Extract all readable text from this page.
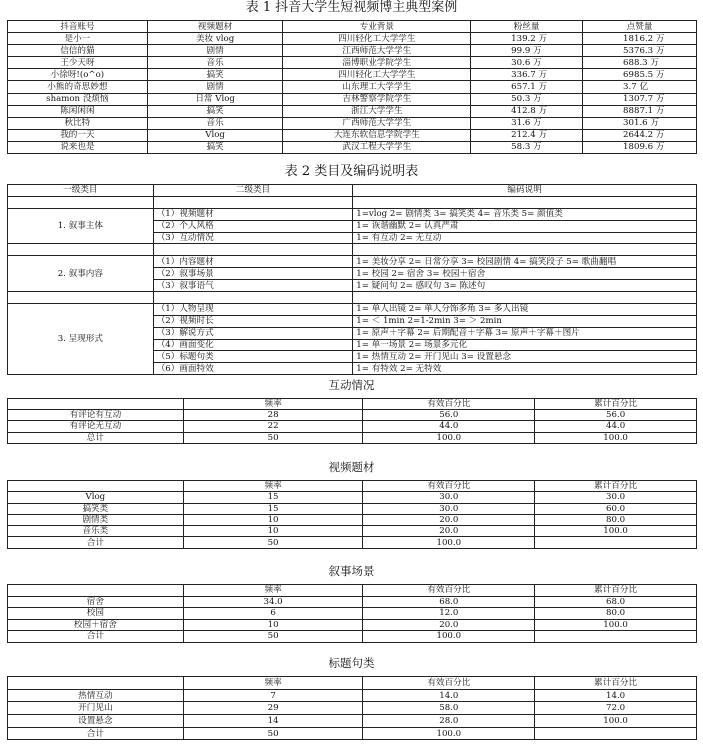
表 1 抖音大学生短视频博主典型案例
抖音账号	视频题材	专业背景	粉丝量	点赞量
是小一	美妆 vlog	四川轻化工大学学生	139.2 万	1816.2 万
信信的猫	剧情	江西师范大学学生	99.9 万	5376.3 万
王少天呀	音乐	淄博职业学院学生	30.6 万	688.3 万
小徐呀!(o^o)	搞笑	四川轻化工大学学生	336.7 万	6985.5 万
小熊的奇思妙想	剧情	山东理工大学学生	657.1 万	3.7 亿
shamon 没烦恼	日常 Vlog	吉林警察学院学生	50.3 万	1307.7 万
陈闲闲闲	搞笑	浙江大学学生	412.8 万	8887.1 万
秋比特	音乐	广西师范大学学生	31.6 万	301.6 万
我的一天	Vlog	大连东软信息学院学生	212.4 万	2644.2 万
说来也是	搞笑	武汉工程大学学生	58.3 万	1809.6 万
表 2 类目及编码说明表
一级类目	二级类目	编码说明

1. 叙事主体	（1）视频题材	1=vlog 2= 剧情类 3= 搞笑类 4= 音乐类 5= 颜值类
	（2）个人风格	1= 诙谐幽默 2= 认真严肃
	（3）互动情况	1= 有互动 2= 无互动

2. 叙事内容	（1）内容题材	1= 美妆分享 2= 日常分享 3= 校园剧情 4= 搞笑段子 5= 歌曲翻唱
	（2）叙事场景	1= 校园 2= 宿舍 3= 校园＋宿舍
	（3）叙事语气	1= 疑问句 2= 感叹句 3= 陈述句

3. 呈现形式	（1）人物呈现	1= 单人出镜 2= 单人分饰多角 3= 多人出镜
	（2）视频时长	1= ＜ 1min 2=1-2min 3= ＞ 2min
	（3）解说方式	1= 原声＋字幕 2= 后期配音＋字幕 3= 原声＋字幕＋图片
	（4）画面变化	1= 单一场景 2= 场景多元化
	（5）标题句类	1= 热情互动 2= 开门见山 3= 设置悬念
	（6）画面特效	1= 有特效 2= 无特效
互动情况
	频率	有效百分比	累计百分比
有评论有互动	28	56.0	56.0
有评论无互动	22	44.0	44.0
总计	50	100.0	100.0
视频题材
	频率	有效百分比	累计百分比
Vlog	15	30.0	30.0
搞笑类	15	30.0	60.0
剧情类	10	20.0	80.0
音乐类	10	20.0	100.0
合计	50	100.0	
叙事场景
	频率	有效百分比	累计百分比
宿舍	34.0	68.0	68.0
校园	6	12.0	80.0
校园＋宿舍	10	20.0	100.0
合计	50	100.0	
标题句类
	频率	有效百分比	累计百分比
热情互动	7	14.0	14.0
开门见山	29	58.0	72.0
设置悬念	14	28.0	100.0
合计	50	100.0	
